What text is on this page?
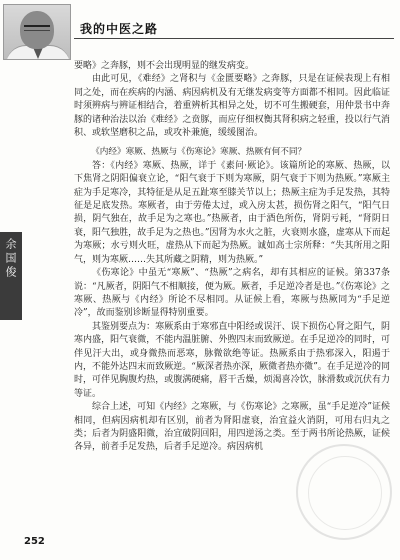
我的中医之路
余国俊

要略》之奔豚，则不会出现明显的继发病变。

由此可见，《难经》之肾积与《金匮要略》之奔豚，只是在证候表现上有相同之处，而在疾病的内涵、病因病机及有无继发病变等方面都不相同。因此临证时须辨病与辨证相结合，着重辨析其相异之处，切不可生搬硬套，用仲景书中奔豚的诸种治法以治《难经》之贲豚，而应仔细权衡其肾积病之轻重，投以行气消积、或软坚磨积之品，或攻补兼施，缓缓图治。

《内经》寒厥、热厥与《伤寒论》寒厥、热厥有何不同？

答：《内经》寒厥、热厥，详于《素问·厥论》。该篇所论的寒厥、热厥，以下焦肾之阴阳偏衰立论，“阳气衰于下则为寒厥，阴气衰于下则为热厥。”寒厥主症为手足寒冷，其特征是从足五趾寒至膝关节以上；热厥主症为手足发热，其特征是足底发热。寒厥者，由于劳倦太过，或入房太甚，损伤肾之阳气，“阳气日损，阴气独在，故手足为之寒也。”热厥者，由于酒色所伤，肾阴亏耗，“肾阴日衰，阳气独胜，故手足为之热也。”因肾为水火之脏，火衰则水盛，虚寒从下而起为寒厥；水亏则火旺，虚热从下而起为热厥。诚如高士宗所释：“失其所用之阳气，则为寒厥……失其所藏之阴精，则为热厥。”

《伤寒论》中虽无“寒厥”、“热厥”之病名，却有其相应的证候。第337条说：“凡厥者，阴阳气不相顺接，便为厥。厥者，手足逆冷者是也。”《伤寒论》之寒厥、热厥与《内经》所论不尽相同。从证候上看，寒厥与热厥同为“手足逆冷”，故而鉴别诊断显得特别重要。

其鉴别要点为：寒厥系由于寒邪直中阳经或误汗、误下损伤心肾之阳气，阴寒内盛，阳气衰微，不能内温脏腑、外煦四末而致厥逆。在手足逆冷的同时，可伴见汗大出，或身微热而恶寒，脉微欲绝等证。热厥系由于热邪深入，阳遏于内，不能外达四末而致厥逆。“厥深者热亦深，厥微者热亦微”。在手足逆冷的同时，可伴见胸腹灼热，或腹满硬痛，唇干舌燥，烦渴喜冷饮，脉滑数或沉伏有力等证。

综合上述，可知《内经》之寒厥，与《伤寒论》之寒厥，虽“手足逆冷”证候相同，但病因病机却有区别，前者为肾阳虚衰，治宜益火消阴，可用右归丸之类；后者为阴盛阳微，治宜破阴回阳，用四逆汤之类。至于两书所论热厥，证候各异，前者手足发热，后者手足逆冷。病因病机

252
